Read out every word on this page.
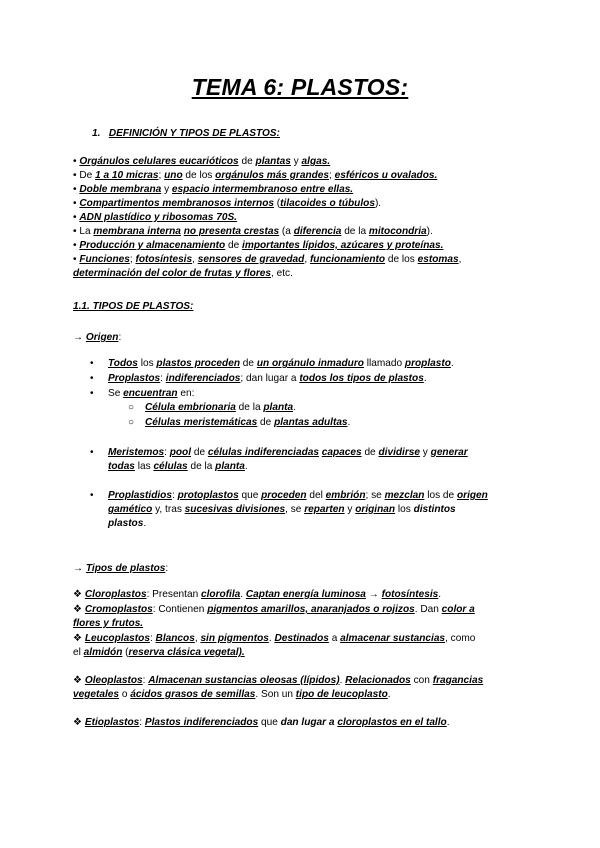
TEMA 6: PLASTOS:
1. DEFINICIÓN Y TIPOS DE PLASTOS:
• Orgánulos celulares eucarióticos de plantas y algas.
• De 1 a 10 micras; uno de los orgánulos más grandes; esféricos u ovalados.
• Doble membrana y espacio intermembranoso entre ellas.
• Compartimentos membranosos internos (tilacoides o túbulos).
• ADN plastídico y ribosomas 70S.
• La membrana interna no presenta crestas (a diferencia de la mitocondria).
• Producción y almacenamiento de importantes lípidos, azúcares y proteínas.
• Funciones; fotosíntesis, sensores de gravedad, funcionamiento de los estomas,
determinación del color de frutas y flores, etc.
1.1. TIPOS DE PLASTOS:
→ Origen:
• Todos los plastos proceden de un orgánulo inmaduro llamado proplasto.
• Proplastos: indiferenciados; dan lugar a todos los tipos de plastos.
• Se encuentran en:
○ Célula embrionaria de la planta.
○ Células meristemáticas de plantas adultas.
• Meristemos: pool de células indiferenciadas capaces de dividirse y generar
todas las células de la planta.
• Proplastidios: protoplastos que proceden del embrión; se mezclan los de origen
gamético y, tras sucesivas divisiones, se reparten y originan los distintos
plastos.
→ Tipos de plastos:
❖ Cloroplastos: Presentan clorofila. Captan energía luminosa → fotosíntesis.
❖ Cromoplastos: Contienen pigmentos amarillos, anaranjados o rojizos. Dan color a
flores y frutos.
❖ Leucoplastos: Blancos, sin pigmentos. Destinados a almacenar sustancias, como
el almidón (reserva clásica vegetal).
❖ Oleoplastos: Almacenan sustancias oleosas (lípidos). Relacionados con fragancias
vegetales o ácidos grasos de semillas. Son un tipo de leucoplasto.
❖ Etioplastos: Plastos indiferenciados que dan lugar a cloroplastos en el tallo.
